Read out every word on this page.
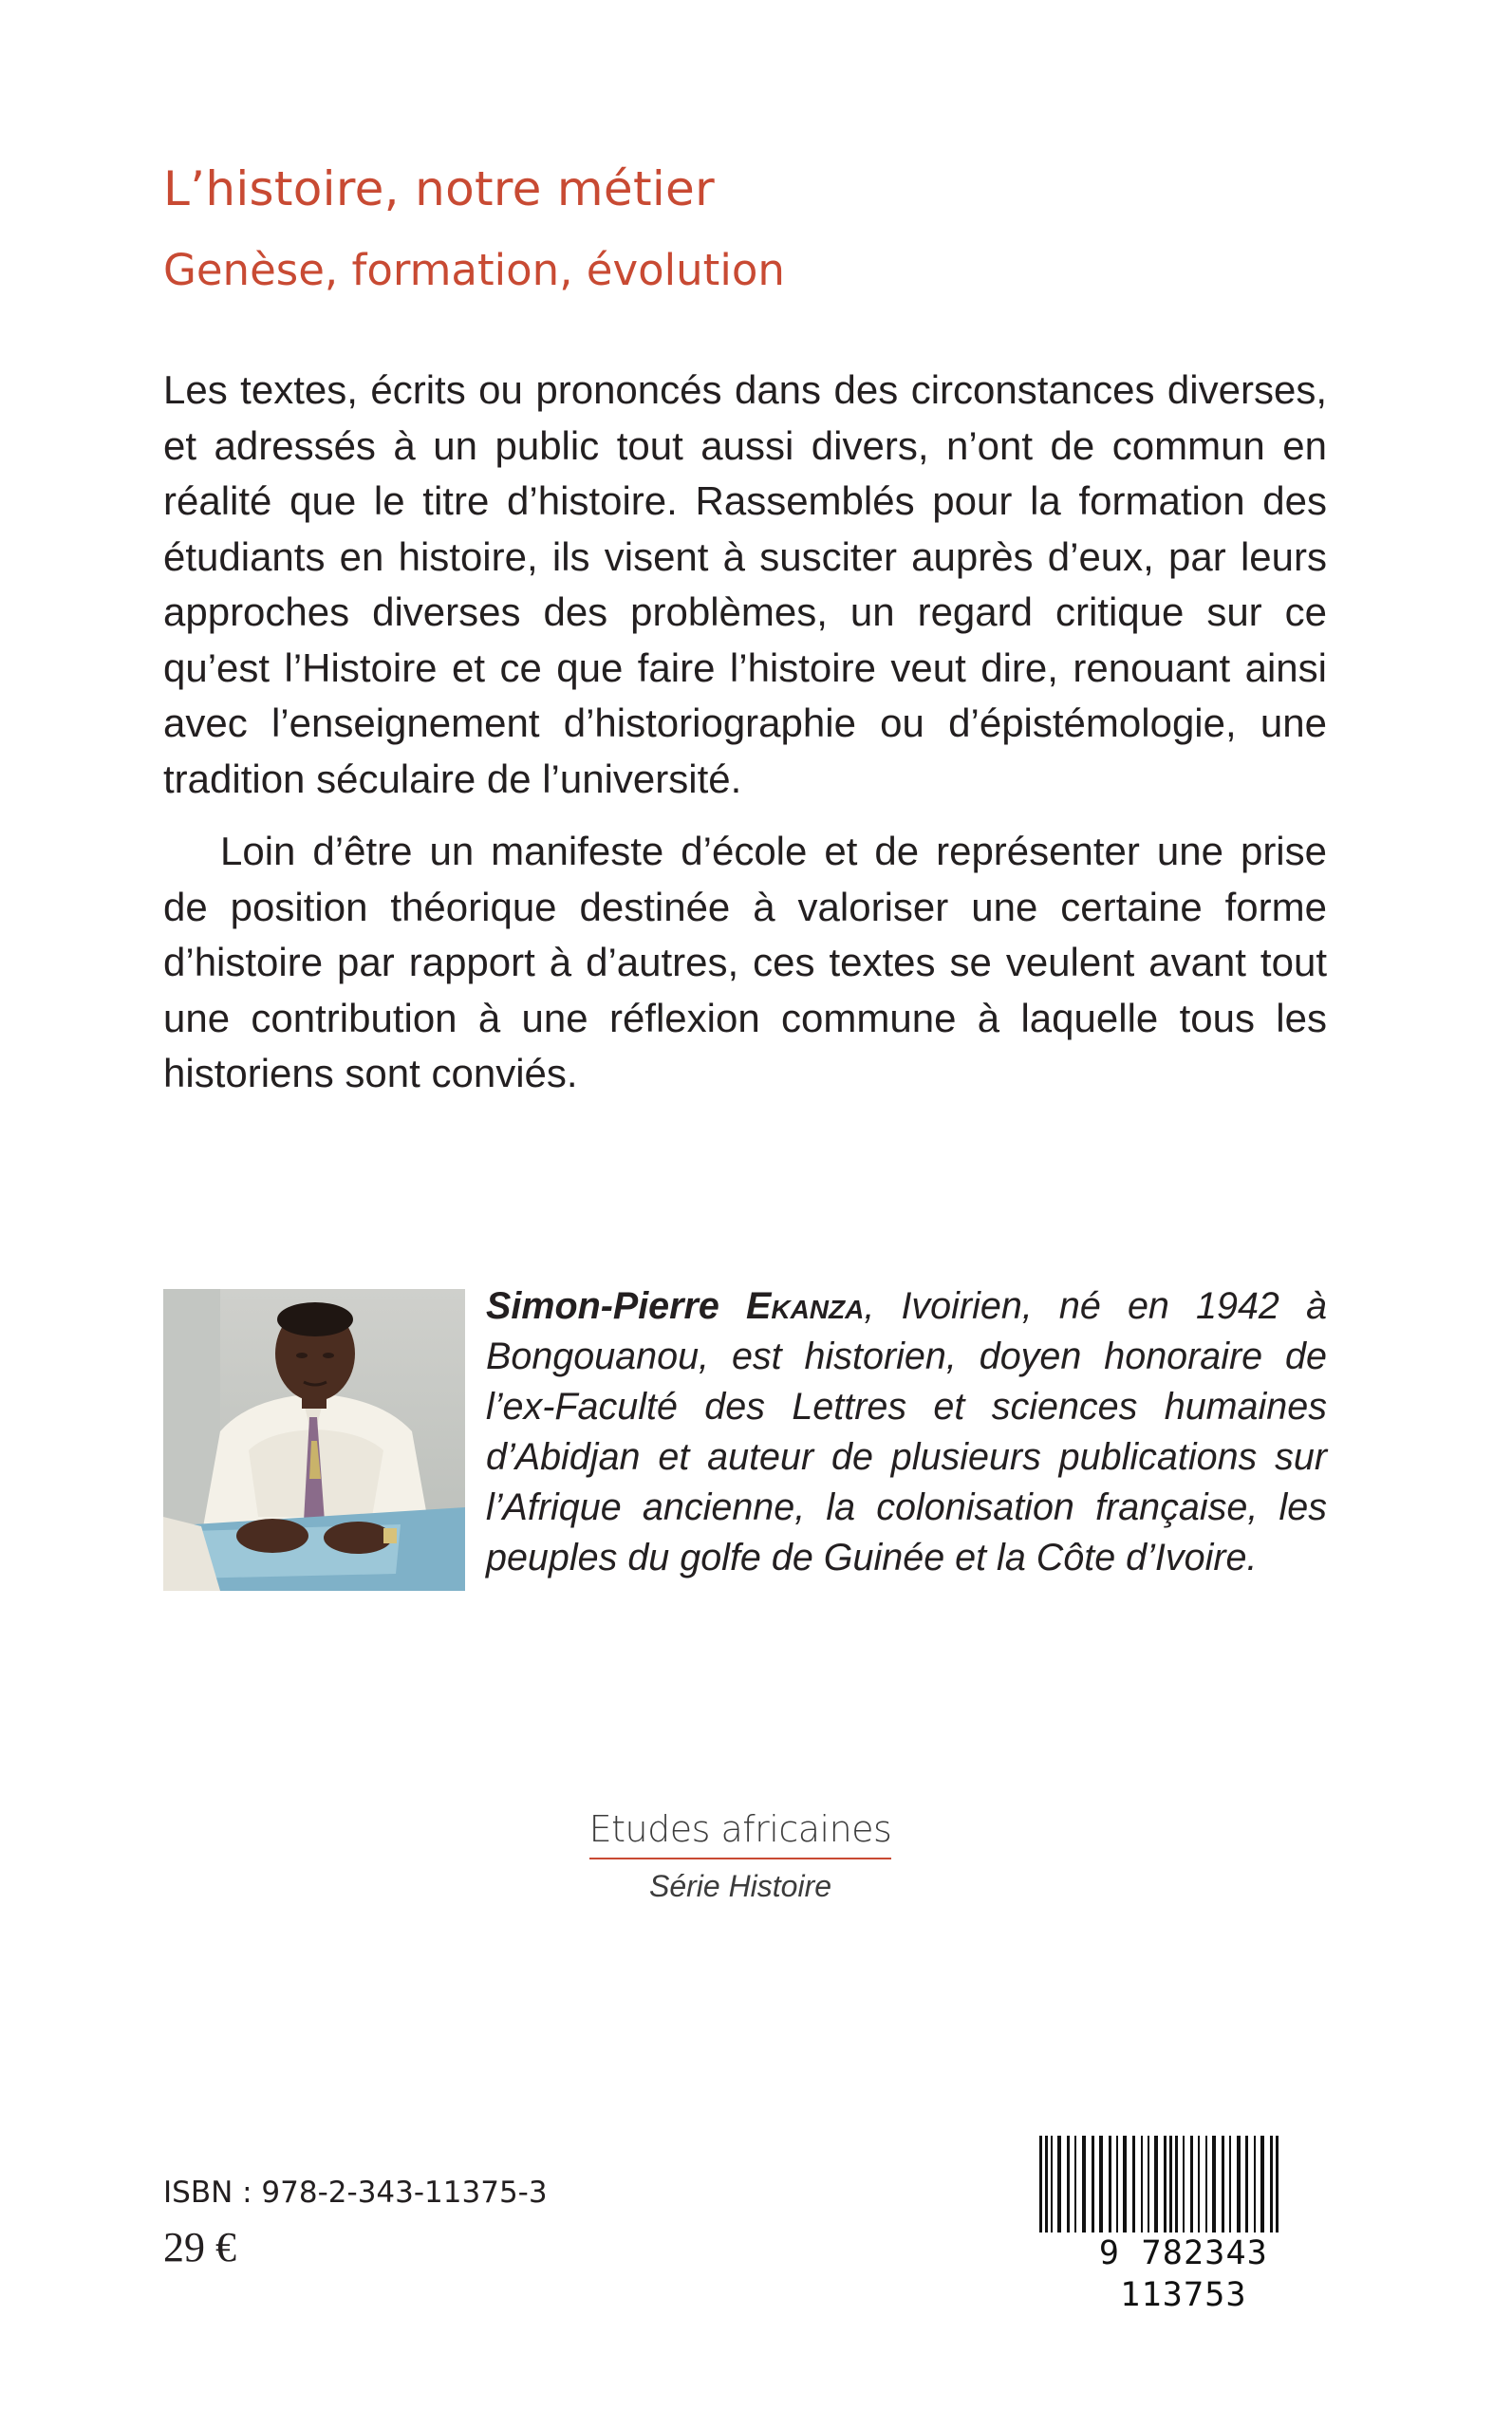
L’histoire, notre métier
Genèse, formation, évolution

Les textes, écrits ou prononcés dans des circonstances diverses, et adressés à un public tout aussi divers, n’ont de commun en réalité que le titre d’histoire. Rassemblés pour la formation des étudiants en histoire, ils visent à susciter auprès d’eux, par leurs approches diverses des problèmes, un regard critique sur ce qu’est l’Histoire et ce que faire l’histoire veut dire, renouant ainsi avec l’enseignement d’historiographie ou d’épistémologie, une tradition séculaire de l’université.

Loin d’être un manifeste d’école et de représenter une prise de position théorique destinée à valoriser une certaine forme d’histoire par rapport à d’autres, ces textes se veulent avant tout une contribution à une réflexion commune à laquelle tous les historiens sont conviés.

Simon-Pierre Ekanza, Ivoirien, né en 1942 à Bongouanou, est historien, doyen honoraire de l’ex-Faculté des Lettres et sciences humaines d’Abidjan et auteur de plusieurs publications sur l’Afrique ancienne, la colonisation française, les peuples du golfe de Guinée et la Côte d’Ivoire.

Etudes africaines
Série Histoire
ISBN : 978-2-343-11375-3
29 €	9 782343 113753
